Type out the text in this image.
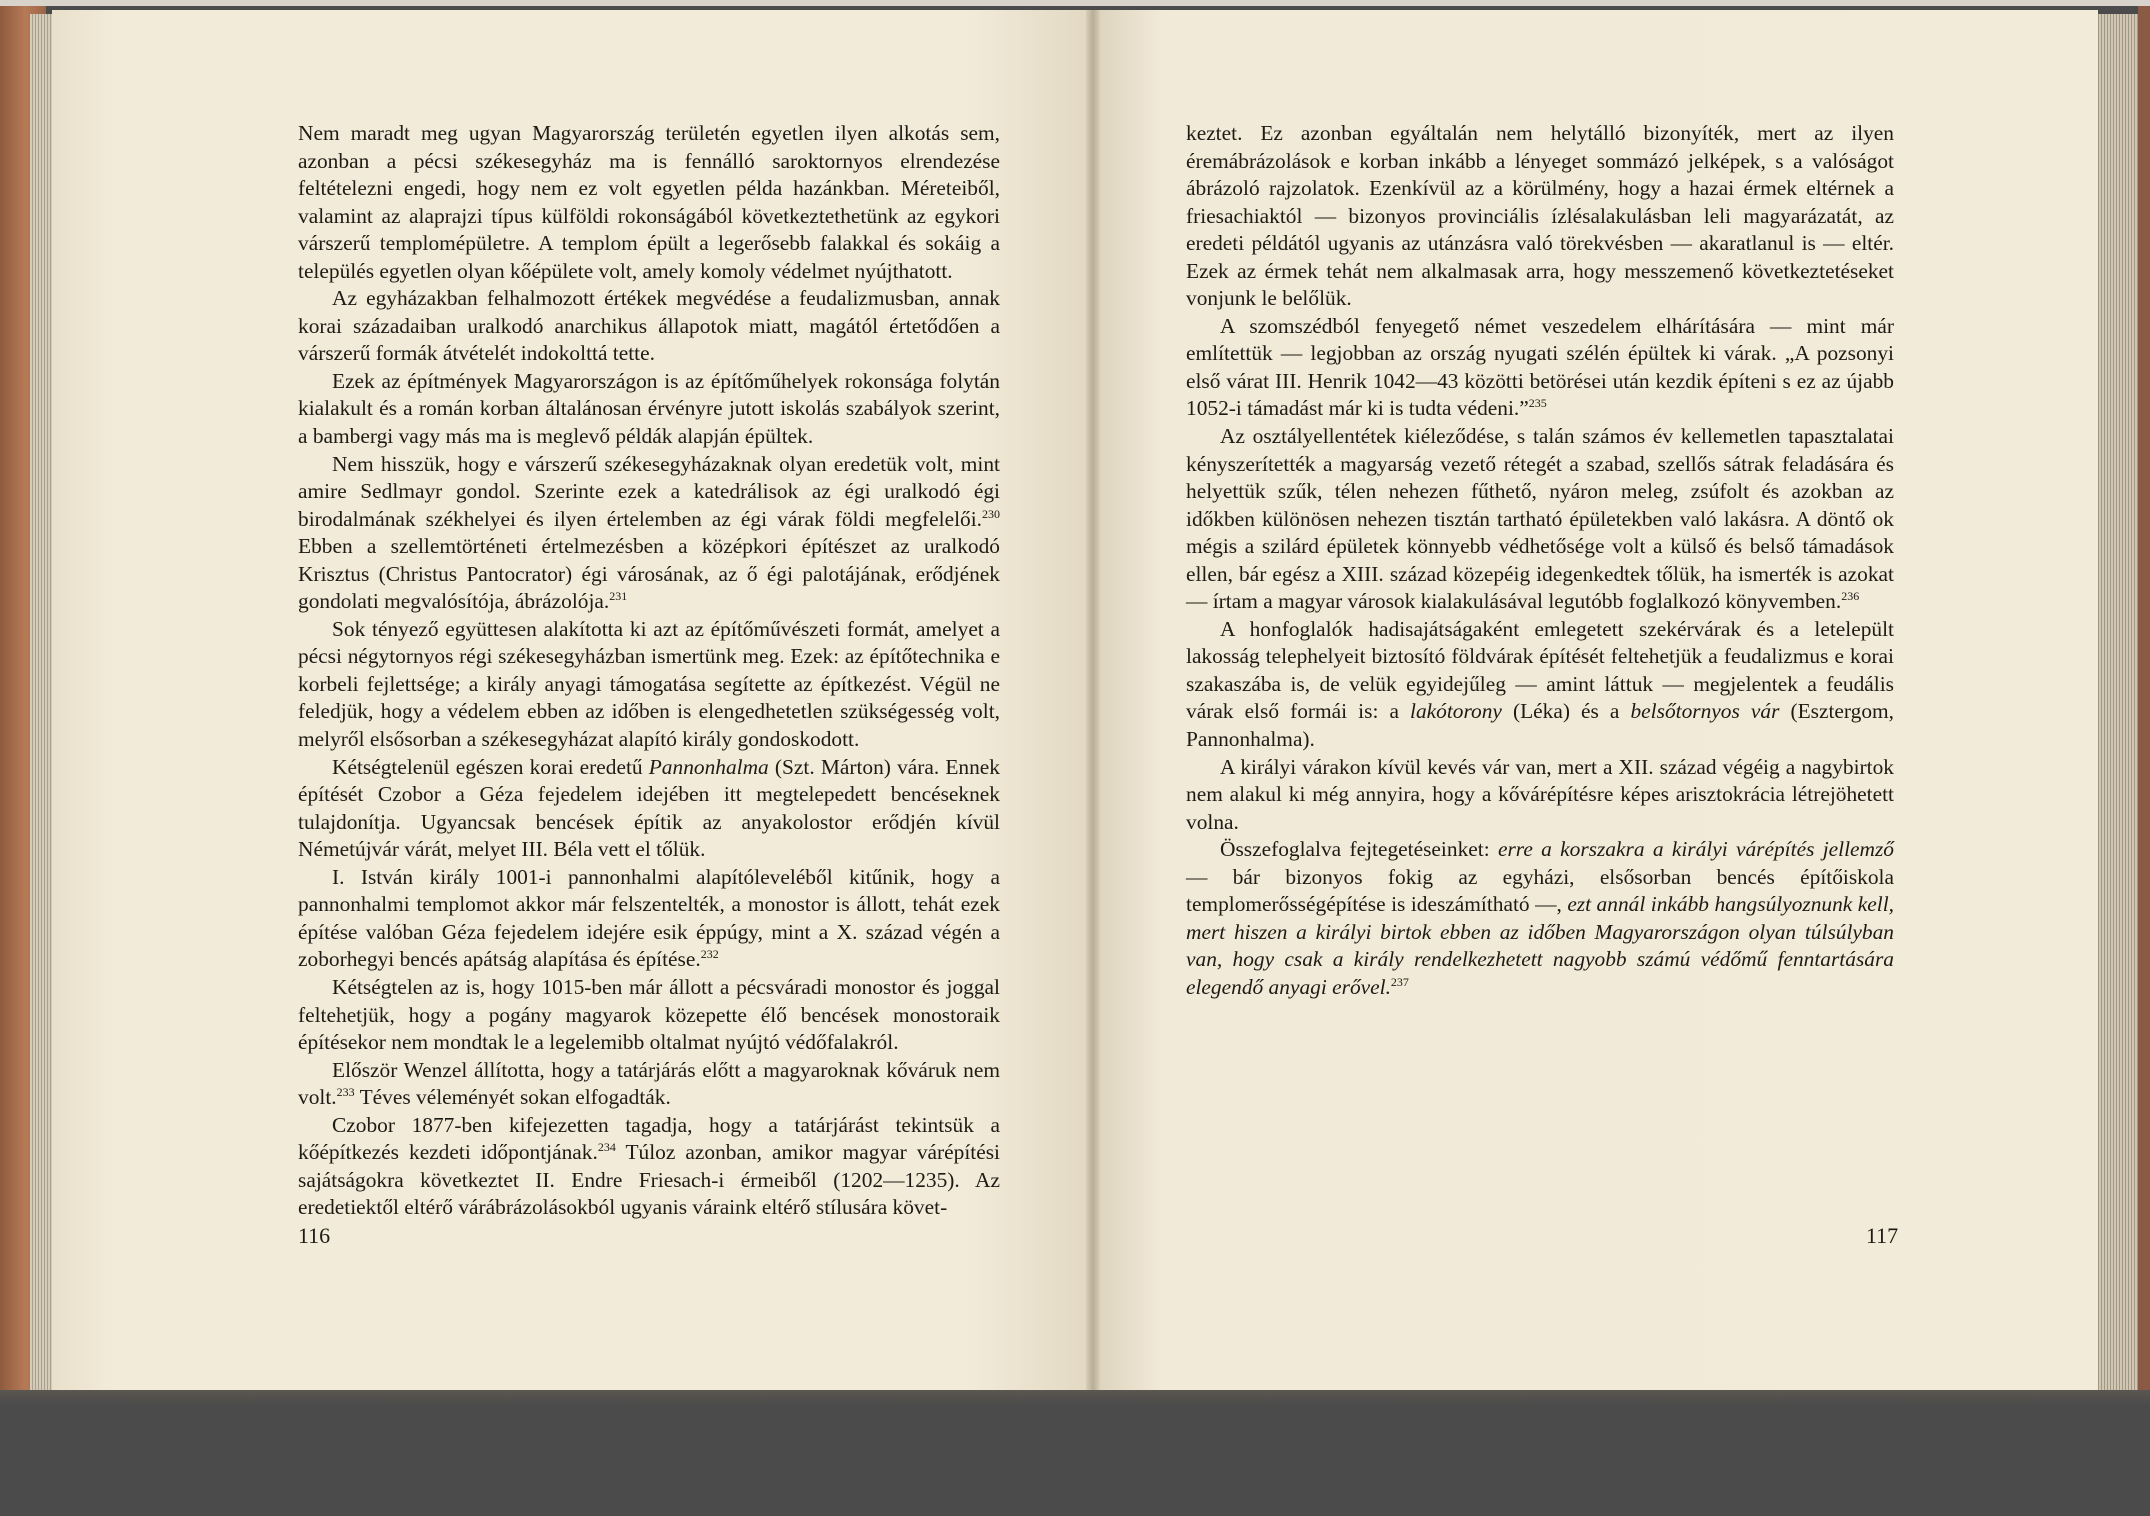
Nem maradt meg ugyan Magyarország területén egyetlen ilyen alkotás sem, azonban a pécsi székesegyház ma is fennálló saroktornyos elrendezése feltételezni engedi, hogy nem ez volt egyetlen példa hazánkban. Méreteiből, valamint az alaprajzi típus külföldi rokonságából következtethetünk az egykori várszerű templomépületre. A templom épült a legerősebb falakkal és sokáig a település egyetlen olyan kőépülete volt, amely komoly védelmet nyújthatott.

Az egyházakban felhalmozott értékek megvédése a feudalizmusban, annak korai századaiban uralkodó anarchikus állapotok miatt, magától értetődően a várszerű formák átvételét indokolttá tette.

Ezek az építmények Magyarországon is az építőműhelyek rokonsága folytán kialakult és a román korban általánosan érvényre jutott iskolás szabályok szerint, a bambergi vagy más ma is meglevő példák alapján épültek.

Nem hisszük, hogy e várszerű székesegyházaknak olyan eredetük volt, mint amire Sedlmayr gondol. Szerinte ezek a katedrálisok az égi uralkodó égi birodalmának székhelyei és ilyen értelemben az égi várak földi megfelelői.$^{230}$ Ebben a szellemtörténeti értelmezésben a középkori építészet az uralkodó Krisztus (Christus Pantocrator) égi városának, az ő égi palotájának, erődjének gondolati megvalósítója, ábrázolója.$^{231}$

Sok tényező együttesen alakította ki azt az építőművészeti formát, amelyet a pécsi négytornyos régi székesegyházban ismertünk meg. Ezek: az építőtechnika e korbeli fejlettsége; a király anyagi támogatása segítette az építkezést. Végül ne feledjük, hogy a védelem ebben az időben is elengedhetetlen szükségesség volt, melyről elsősorban a székesegyházat alapító király gondoskodott.

Kétségtelenül egészen korai eredetű Pannonhalma (Szt. Márton) vára. Ennek építését Czobor a Géza fejedelem idejében itt megtelepedett bencéseknek tulajdonítja. Ugyancsak bencések építik az anyakolostor erődjén kívül Németújvár várát, melyet III. Béla vett el tőlük.

I. István király 1001-i pannonhalmi alapítóleveléből kitűnik, hogy a pannonhalmi templomot akkor már felszentelték, a monostor is állott, tehát ezek építése valóban Géza fejedelem idejére esik éppúgy, mint a X. század végén a zoborhegyi bencés apátság alapítása és építése.$^{232}$

Kétségtelen az is, hogy 1015-ben már állott a pécsváradi monostor és joggal feltehetjük, hogy a pogány magyarok közepette élő bencések monostoraik építésekor nem mondtak le a legelemibb oltalmat nyújtó védőfalakról.

Először Wenzel állította, hogy a tatárjárás előtt a magyaroknak kőváruk nem volt.$^{233}$ Téves véleményét sokan elfogadták.

Czobor 1877-ben kifejezetten tagadja, hogy a tatárjárást tekintsük a kőépítkezés kezdeti időpontjának.$^{234}$ Túloz azonban, amikor magyar várépítési sajátságokra következtet II. Endre Friesach-i érmeiből (1202—1235). Az eredetiektől eltérő várábrázolásokból ugyanis váraink eltérő stílusára követ-

keztet. Ez azonban egyáltalán nem helytálló bizonyíték, mert az ilyen éremábrázolások e korban inkább a lényeget sommázó jelképek, s a valóságot ábrázoló rajzolatok. Ezenkívül az a körülmény, hogy a hazai érmek eltérnek a friesachiaktól — bizonyos provinciális ízlésalakulásban leli magyarázatát, az eredeti példától ugyanis az utánzásra való törekvésben — akaratlanul is — eltér. Ezek az érmek tehát nem alkalmasak arra, hogy messzemenő következtetéseket vonjunk le belőlük.

A szomszédból fenyegető német veszedelem elhárítására — mint már említettük — legjobban az ország nyugati szélén épültek ki várak. „A pozsonyi első várat III. Henrik 1042—43 közötti betörései után kezdik építeni s ez az újabb 1052-i támadást már ki is tudta védeni.”$^{235}$

Az osztályellentétek kiéleződése, s talán számos év kellemetlen tapasztalatai kényszerítették a magyarság vezető rétegét a szabad, szellős sátrak feladására és helyettük szűk, télen nehezen fűthető, nyáron meleg, zsúfolt és azokban az időkben különösen nehezen tisztán tartható épületekben való lakásra. A döntő ok mégis a szilárd épületek könnyebb védhetősége volt a külső és belső támadások ellen, bár egész a XIII. század közepéig idegenkedtek tőlük, ha ismerték is azokat — írtam a magyar városok kialakulásával legutóbb foglalkozó könyvemben.$^{236}$

A honfoglalók hadisajátságaként emlegetett szekérvárak és a letelepült lakosság telephelyeit biztosító földvárak építését feltehetjük a feudalizmus e korai szakaszába is, de velük egyidejűleg — amint láttuk — megjelentek a feudális várak első formái is: a lakótorony (Léka) és a belsőtornyos vár (Esztergom, Pannonhalma).

A királyi várakon kívül kevés vár van, mert a XII. század végéig a nagybirtok nem alakul ki még annyira, hogy a kővárépítésre képes arisztokrácia létrejöhetett volna.

Összefoglalva fejtegetéseinket: erre a korszakra a királyi várépítés jellemző — bár bizonyos fokig az egyházi, elsősorban bencés építőiskola templomerősségépítése is ideszámítható —, ezt annál inkább hangsúlyoznunk kell, mert hiszen a királyi birtok ebben az időben Magyarországon olyan túlsúlyban van, hogy csak a király rendelkezhetett nagyobb számú védőmű fenntartására elegendő anyagi erővel.$^{237}$

116	117
